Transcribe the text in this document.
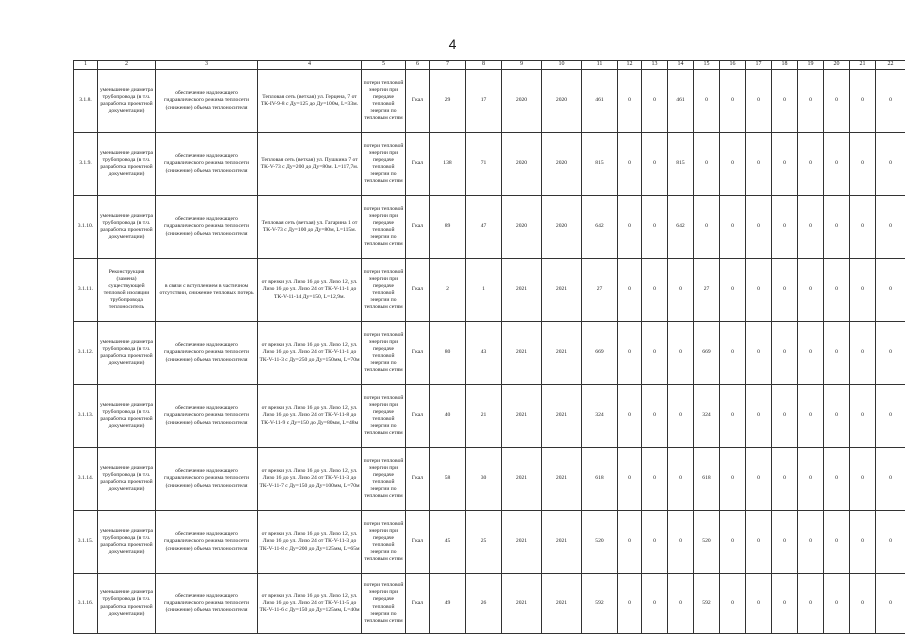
4
1	2	3	4	5	6	7	8	9	10	11	12	13	14	15	16	17	18	19	20	21	22
3.1.8.	уменьшение диаметра трубопровода (в т.ч. разработка проектной документации)	обеспечение надлежащего гидравлического режима теплосети (снижение) объема теплоносителя	Тепловая сеть (ветхая) ул. Герцена, 7 от ТК-IV-9-8 с Ду=125 до Ду=100м, L=33м.	потери тепловой энергии при передаче тепловой энергии по тепловым сетям	Гкал	29	17	2020	2020	461	0	0	461	0	0	0	0	0	0	0	0
3.1.9.	уменьшение диаметра трубопровода (в т.ч. разработка проектной документации)	обеспечение надлежащего гидравлического режима теплосети (снижение) объема теплоносителя	Тепловая сеть (ветхая) ул. Пушкина 7 от ТК-V-73 с Ду=200 до Ду=80м. L=117,7м.	потери тепловой энергии при передаче тепловой энергии по тепловым сетям	Гкал	138	71	2020	2020	815	0	0	815	0	0	0	0	0	0	0	0
3.1.10.	уменьшение диаметра трубопровода (в т.ч. разработка проектной документации)	обеспечение надлежащего гидравлического режима теплосети (снижение) объема теплоносителя	Тепловая сеть (ветхая) ул. Гагарина 1 от ТК-V-73 с Ду=100 до Ду=80м, L=115м.	потери тепловой энергии при передаче тепловой энергии по тепловым сетям	Гкал	89	47	2020	2020	642	0	0	642	0	0	0	0	0	0	0	0
3.1.11.	Реконструкция (замена) существующей тепловой изоляции трубопровода теплоноситель	в связи с вступлением в частичном отсутствии, снижение тепловых потерь	от врезки ул. Лизо 16 до ул. Лизо 12, ул. Лизо 16 до ул. Лизо 24 от ТК-V-11-1 до ТК-V-11-14 Ду=150, L=12,9м.	потери тепловой энергии при передаче тепловой энергии по тепловым сетям	Гкал	2	1	2021	2021	27	0	0	0	27	0	0	0	0	0	0	0
3.1.12.	уменьшение диаметра трубопровода (в т.ч. разработка проектной документации)	обеспечение надлежащего гидравлического режима теплосети (снижение) объема теплоносителя	от врезки ул. Лизо 16 до ул. Лизо 12, ул. Лизо 16 до ул. Лизо 24 от ТК-V-11-1 до ТК-V-11-3 с Ду=250 до Ду=150мм, L=70м	потери тепловой энергии при передаче тепловой энергии по тепловым сетям	Гкал	80	43	2021	2021	669	0	0	0	669	0	0	0	0	0	0	0
3.1.13.	уменьшение диаметра трубопровода (в т.ч. разработка проектной документации)	обеспечение надлежащего гидравлического режима теплосети (снижение) объема теплоносителя	от врезки ул. Лизо 16 до ул. Лизо 12, ул. Лизо 16 до ул. Лизо 24 от ТК-V-11-8 до ТК-V-11-9 с Ду=150 до Ду=80мм, L=48м	потери тепловой энергии при передаче тепловой энергии по тепловым сетям	Гкал	40	21	2021	2021	324	0	0	0	324	0	0	0	0	0	0	0
3.1.14.	уменьшение диаметра трубопровода (в т.ч. разработка проектной документации)	обеспечение надлежащего гидравлического режима теплосети (снижение) объема теплоносителя	от врезки ул. Лизо 16 до ул. Лизо 12, ул. Лизо 16 до ул. Лизо 24 от ТК-V-11-3 до ТК-V-11-7 с Ду=150 до Ду=100мм, L=70м	потери тепловой энергии при передаче тепловой энергии по тепловым сетям	Гкал	58	30	2021	2021	618	0	0	0	618	0	0	0	0	0	0	0
3.1.15.	уменьшение диаметра трубопровода (в т.ч. разработка проектной документации)	обеспечение надлежащего гидравлического режима теплосети (снижение) объема теплоносителя	от врезки ул. Лизо 16 до ул. Лизо 12, ул. Лизо 16 до ул. Лизо 24 от ТК-V-11-3 до ТК-V-11-8 с Ду=200 до Ду=125мм, L=65м	потери тепловой энергии при передаче тепловой энергии по тепловым сетям	Гкал	45	25	2021	2021	520	0	0	0	520	0	0	0	0	0	0	0
3.1.16.	уменьшение диаметра трубопровода (в т.ч. разработка проектной документации)	обеспечение надлежащего гидравлического режима теплосети (снижение) объема теплоносителя	от врезки ул. Лизо 16 до ул. Лизо 12, ул. Лизо 16 до ул. Лизо 24 от ТК-V-11-5 до ТК-V-11-6 с Ду=150 до Ду=125мм, L=40м	потери тепловой энергии при передаче тепловой энергии по тепловым сетям	Гкал	49	26	2021	2021	592	0	0	0	592	0	0	0	0	0	0	0
